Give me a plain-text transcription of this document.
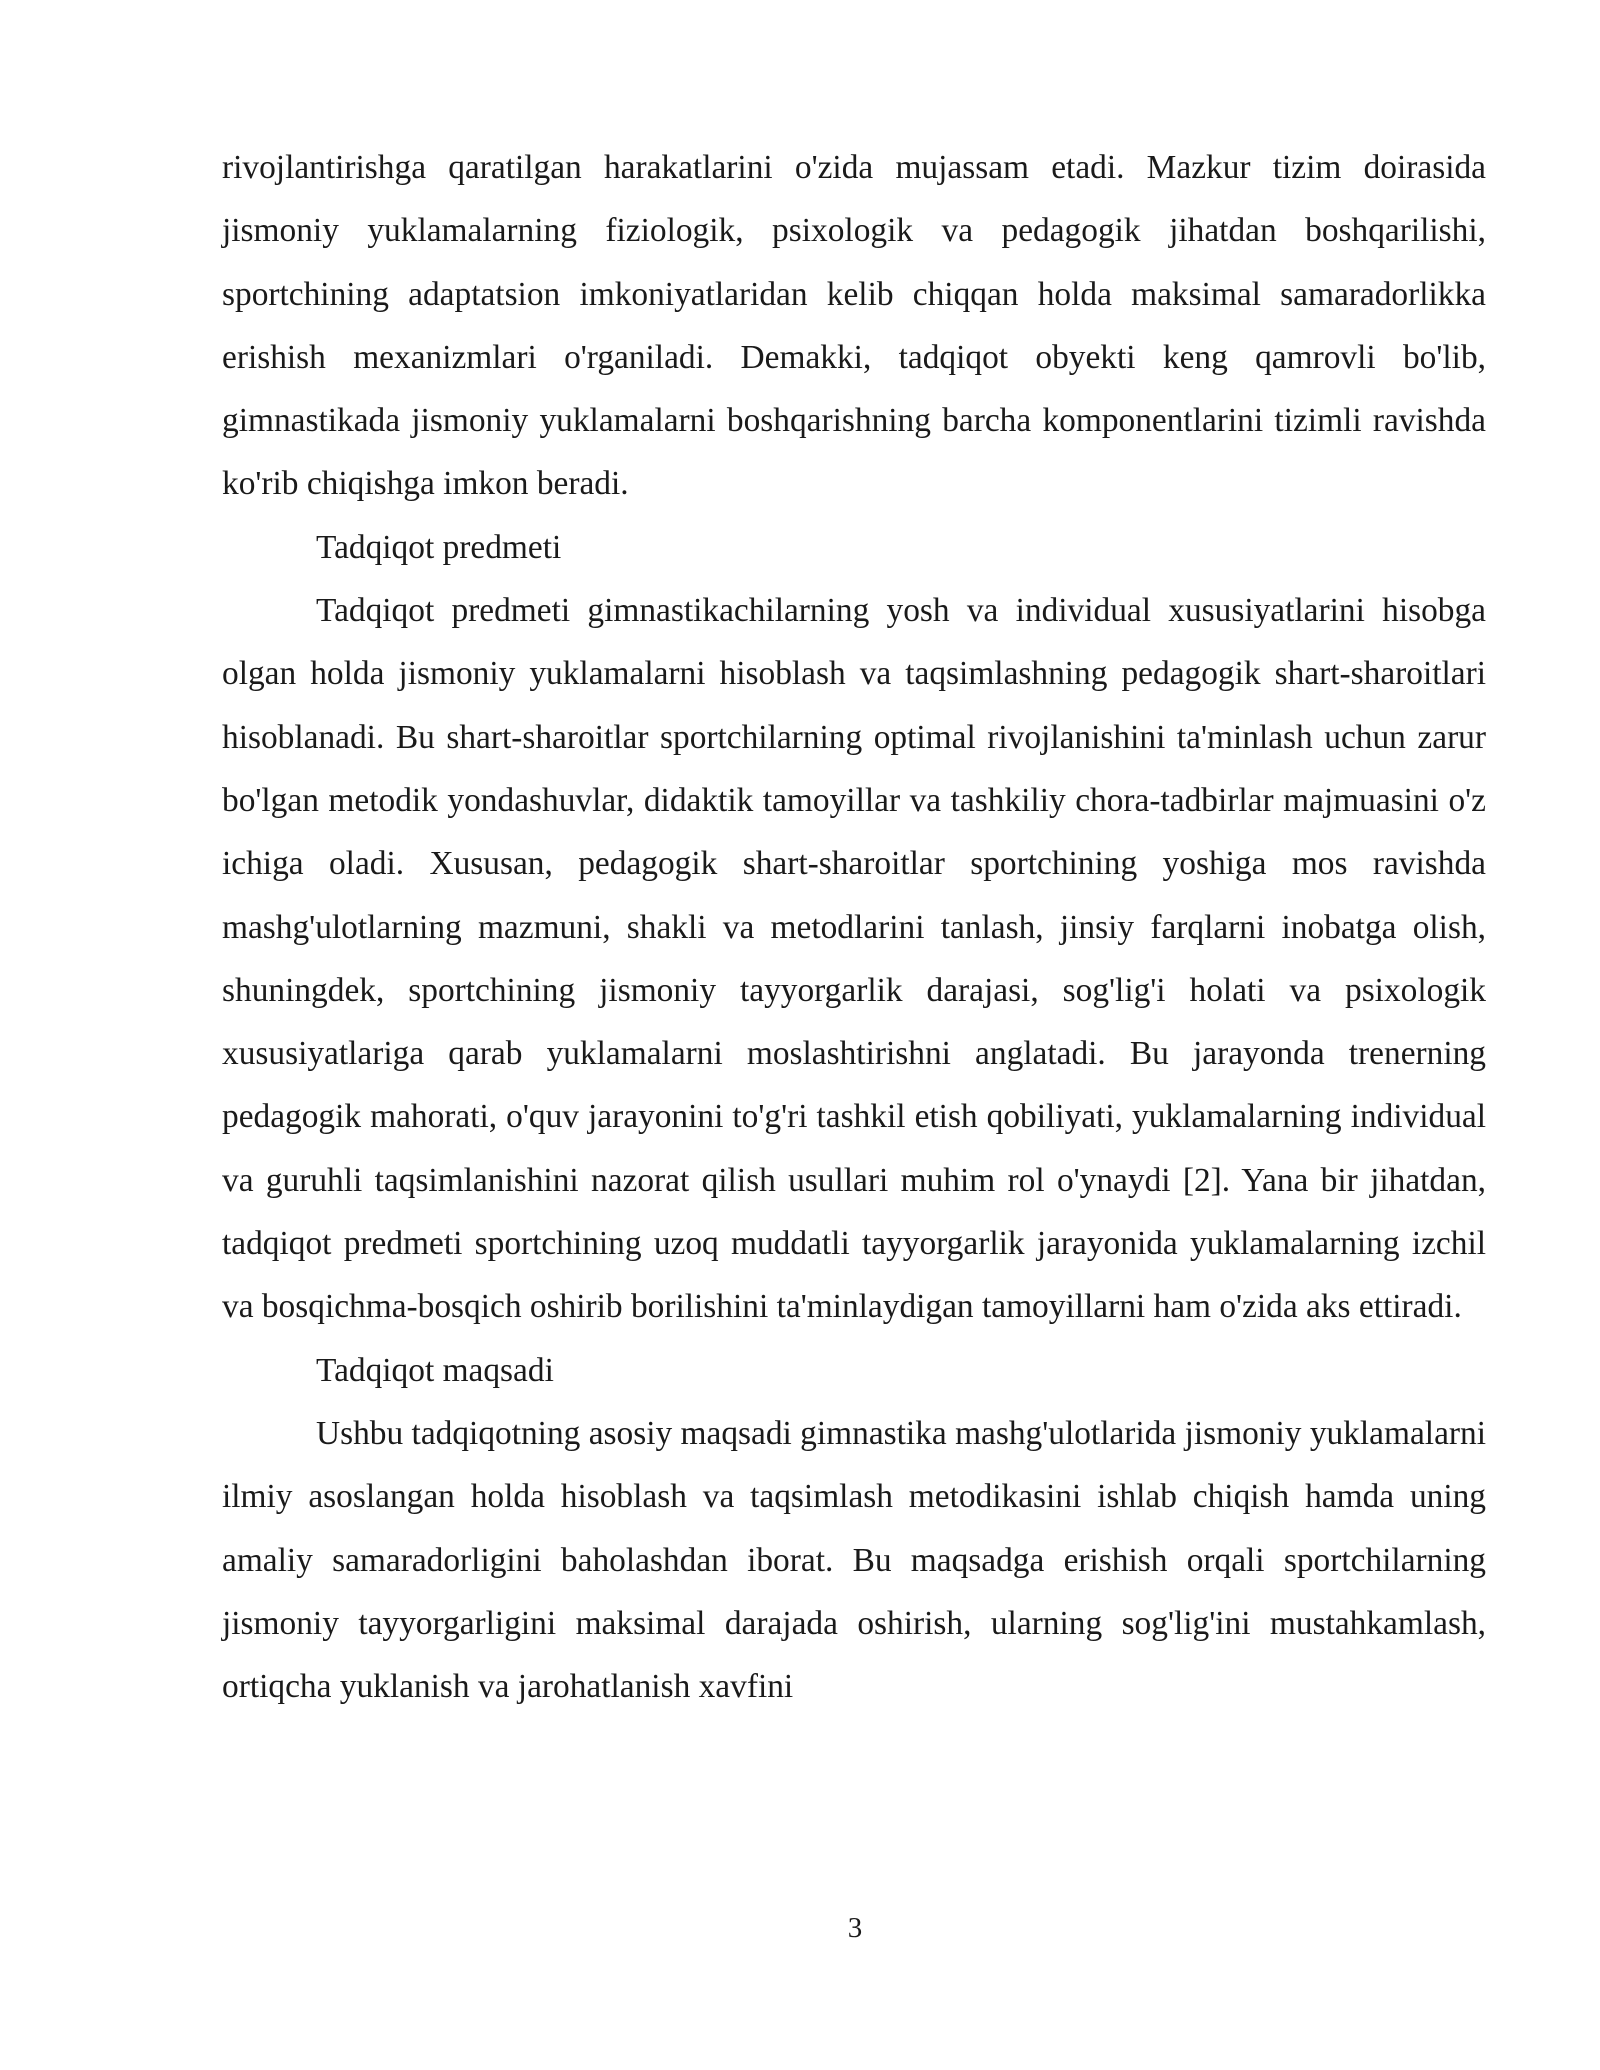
rivojlantirishga qaratilgan harakatlarini o'zida mujassam etadi. Mazkur tizim doirasida jismoniy yuklamalarning fiziologik, psixologik va pedagogik jihatdan boshqarilishi, sportchining adaptatsion imkoniyatlaridan kelib chiqqan holda maksimal samaradorlikka erishish mexanizmlari o'rganiladi. Demakki, tadqiqot obyekti keng qamrovli bo'lib, gimnastikada jismoniy yuklamalarni boshqarishning barcha komponentlarini tizimli ravishda ko'rib chiqishga imkon beradi.

Tadqiqot predmeti

Tadqiqot predmeti gimnastikachilarning yosh va individual xususiyatlarini hisobga olgan holda jismoniy yuklamalarni hisoblash va taqsimlashning pedagogik shart-sharoitlari hisoblanadi. Bu shart-sharoitlar sportchilarning optimal rivojlanishini ta'minlash uchun zarur bo'lgan metodik yondashuvlar, didaktik tamoyillar va tashkiliy chora-tadbirlar majmuasini o'z ichiga oladi. Xususan, pedagogik shart-sharoitlar sportchining yoshiga mos ravishda mashg'ulotlarning mazmuni, shakli va metodlarini tanlash, jinsiy farqlarni inobatga olish, shuningdek, sportchining jismoniy tayyorgarlik darajasi, sog'lig'i holati va psixologik xususiyatlariga qarab yuklamalarni moslashtirishni anglatadi. Bu jarayonda trenerning pedagogik mahorati, o'quv jarayonini to'g'ri tashkil etish qobiliyati, yuklamalarning individual va guruhli taqsimlanishini nazorat qilish usullari muhim rol o'ynaydi [2]. Yana bir jihatdan, tadqiqot predmeti sportchining uzoq muddatli tayyorgarlik jarayonida yuklamalarning izchil va bosqichma-bosqich oshirib borilishini ta'minlaydigan tamoyillarni ham o'zida aks ettiradi.

Tadqiqot maqsadi

Ushbu tadqiqotning asosiy maqsadi gimnastika mashg'ulotlarida jismoniy yuklamalarni ilmiy asoslangan holda hisoblash va taqsimlash metodikasini ishlab chiqish hamda uning amaliy samaradorligini baholashdan iborat. Bu maqsadga erishish orqali sportchilarning jismoniy tayyorgarligini maksimal darajada oshirish, ularning sog'lig'ini mustahkamlash, ortiqcha yuklanish va jarohatlanish xavfini

3
